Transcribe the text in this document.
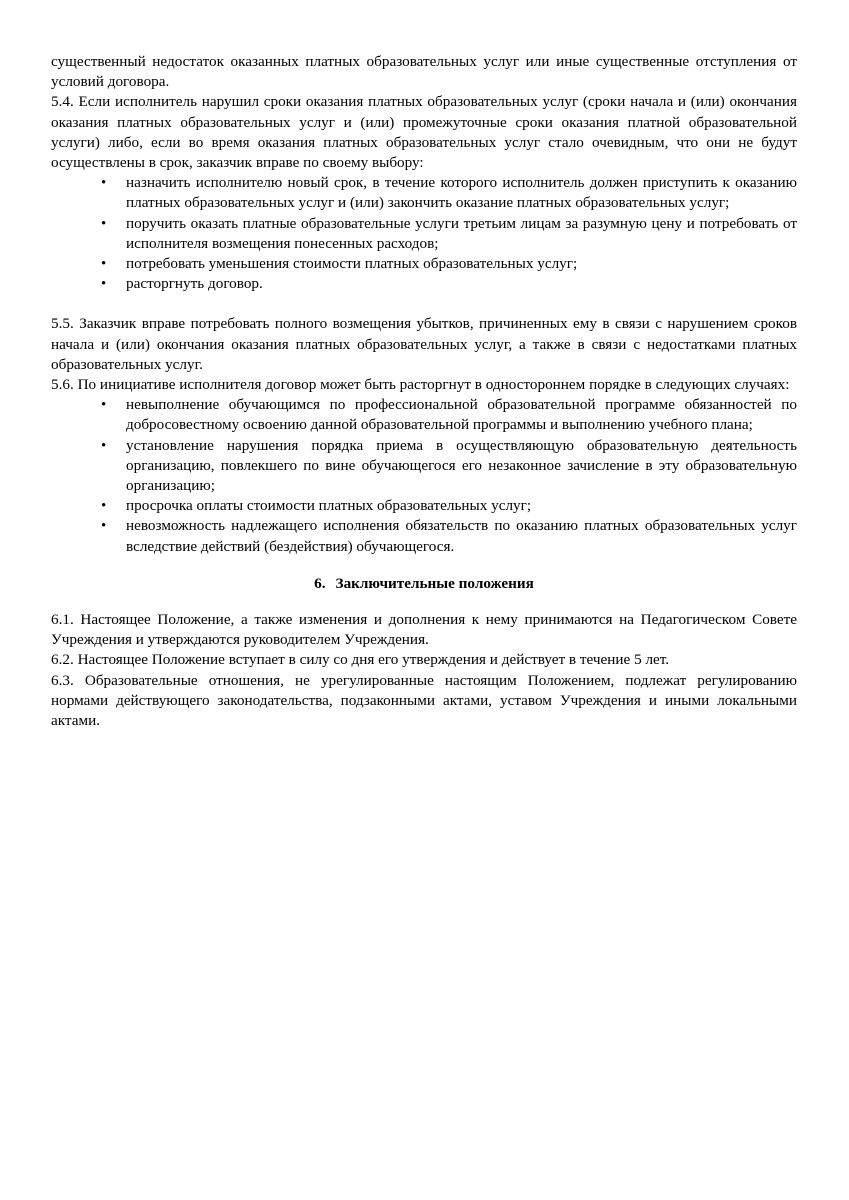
существенный недостаток оказанных платных образовательных услуг или иные существенные отступления от условий договора.

5.4. Если исполнитель нарушил сроки оказания платных образовательных услуг (сроки начала и (или) окончания оказания платных образовательных услуг и (или) промежуточные сроки оказания платной образовательной услуги) либо, если во время оказания платных образовательных услуг стало очевидным, что они не будут осуществлены в срок, заказчик вправе по своему выбору:

• назначить исполнителю новый срок, в течение которого исполнитель должен приступить к оказанию платных образовательных услуг и (или) закончить оказание платных образовательных услуг;
• поручить оказать платные образовательные услуги третьим лицам за разумную цену и потребовать от исполнителя возмещения понесенных расходов;
• потребовать уменьшения стоимости платных образовательных услуг;
• расторгнуть договор.

5.5. Заказчик вправе потребовать полного возмещения убытков, причиненных ему в связи с нарушением сроков начала и (или) окончания оказания платных образовательных услуг, а также в связи с недостатками платных образовательных услуг.

5.6. По инициативе исполнителя договор может быть расторгнут в одностороннем порядке в следующих случаях:

• невыполнение обучающимся по профессиональной образовательной программе обязанностей по добросовестному освоению данной образовательной программы и выполнению учебного плана;
• установление нарушения порядка приема в осуществляющую образовательную деятельность организацию, повлекшего по вине обучающегося его незаконное зачисление в эту образовательную организацию;
• просрочка оплаты стоимости платных образовательных услуг;
• невозможность надлежащего исполнения обязательств по оказанию платных образовательных услуг вследствие действий (бездействия) обучающегося.
6. Заключительные положения

6.1. Настоящее Положение, а также изменения и дополнения к нему принимаются на Педагогическом Совете Учреждения и утверждаются руководителем Учреждения.

6.2. Настоящее Положение вступает в силу со дня его утверждения и действует в течение 5 лет.

6.3. Образовательные отношения, не урегулированные настоящим Положением, подлежат регулированию нормами действующего законодательства, подзаконными актами, уставом Учреждения и иными локальными актами.
